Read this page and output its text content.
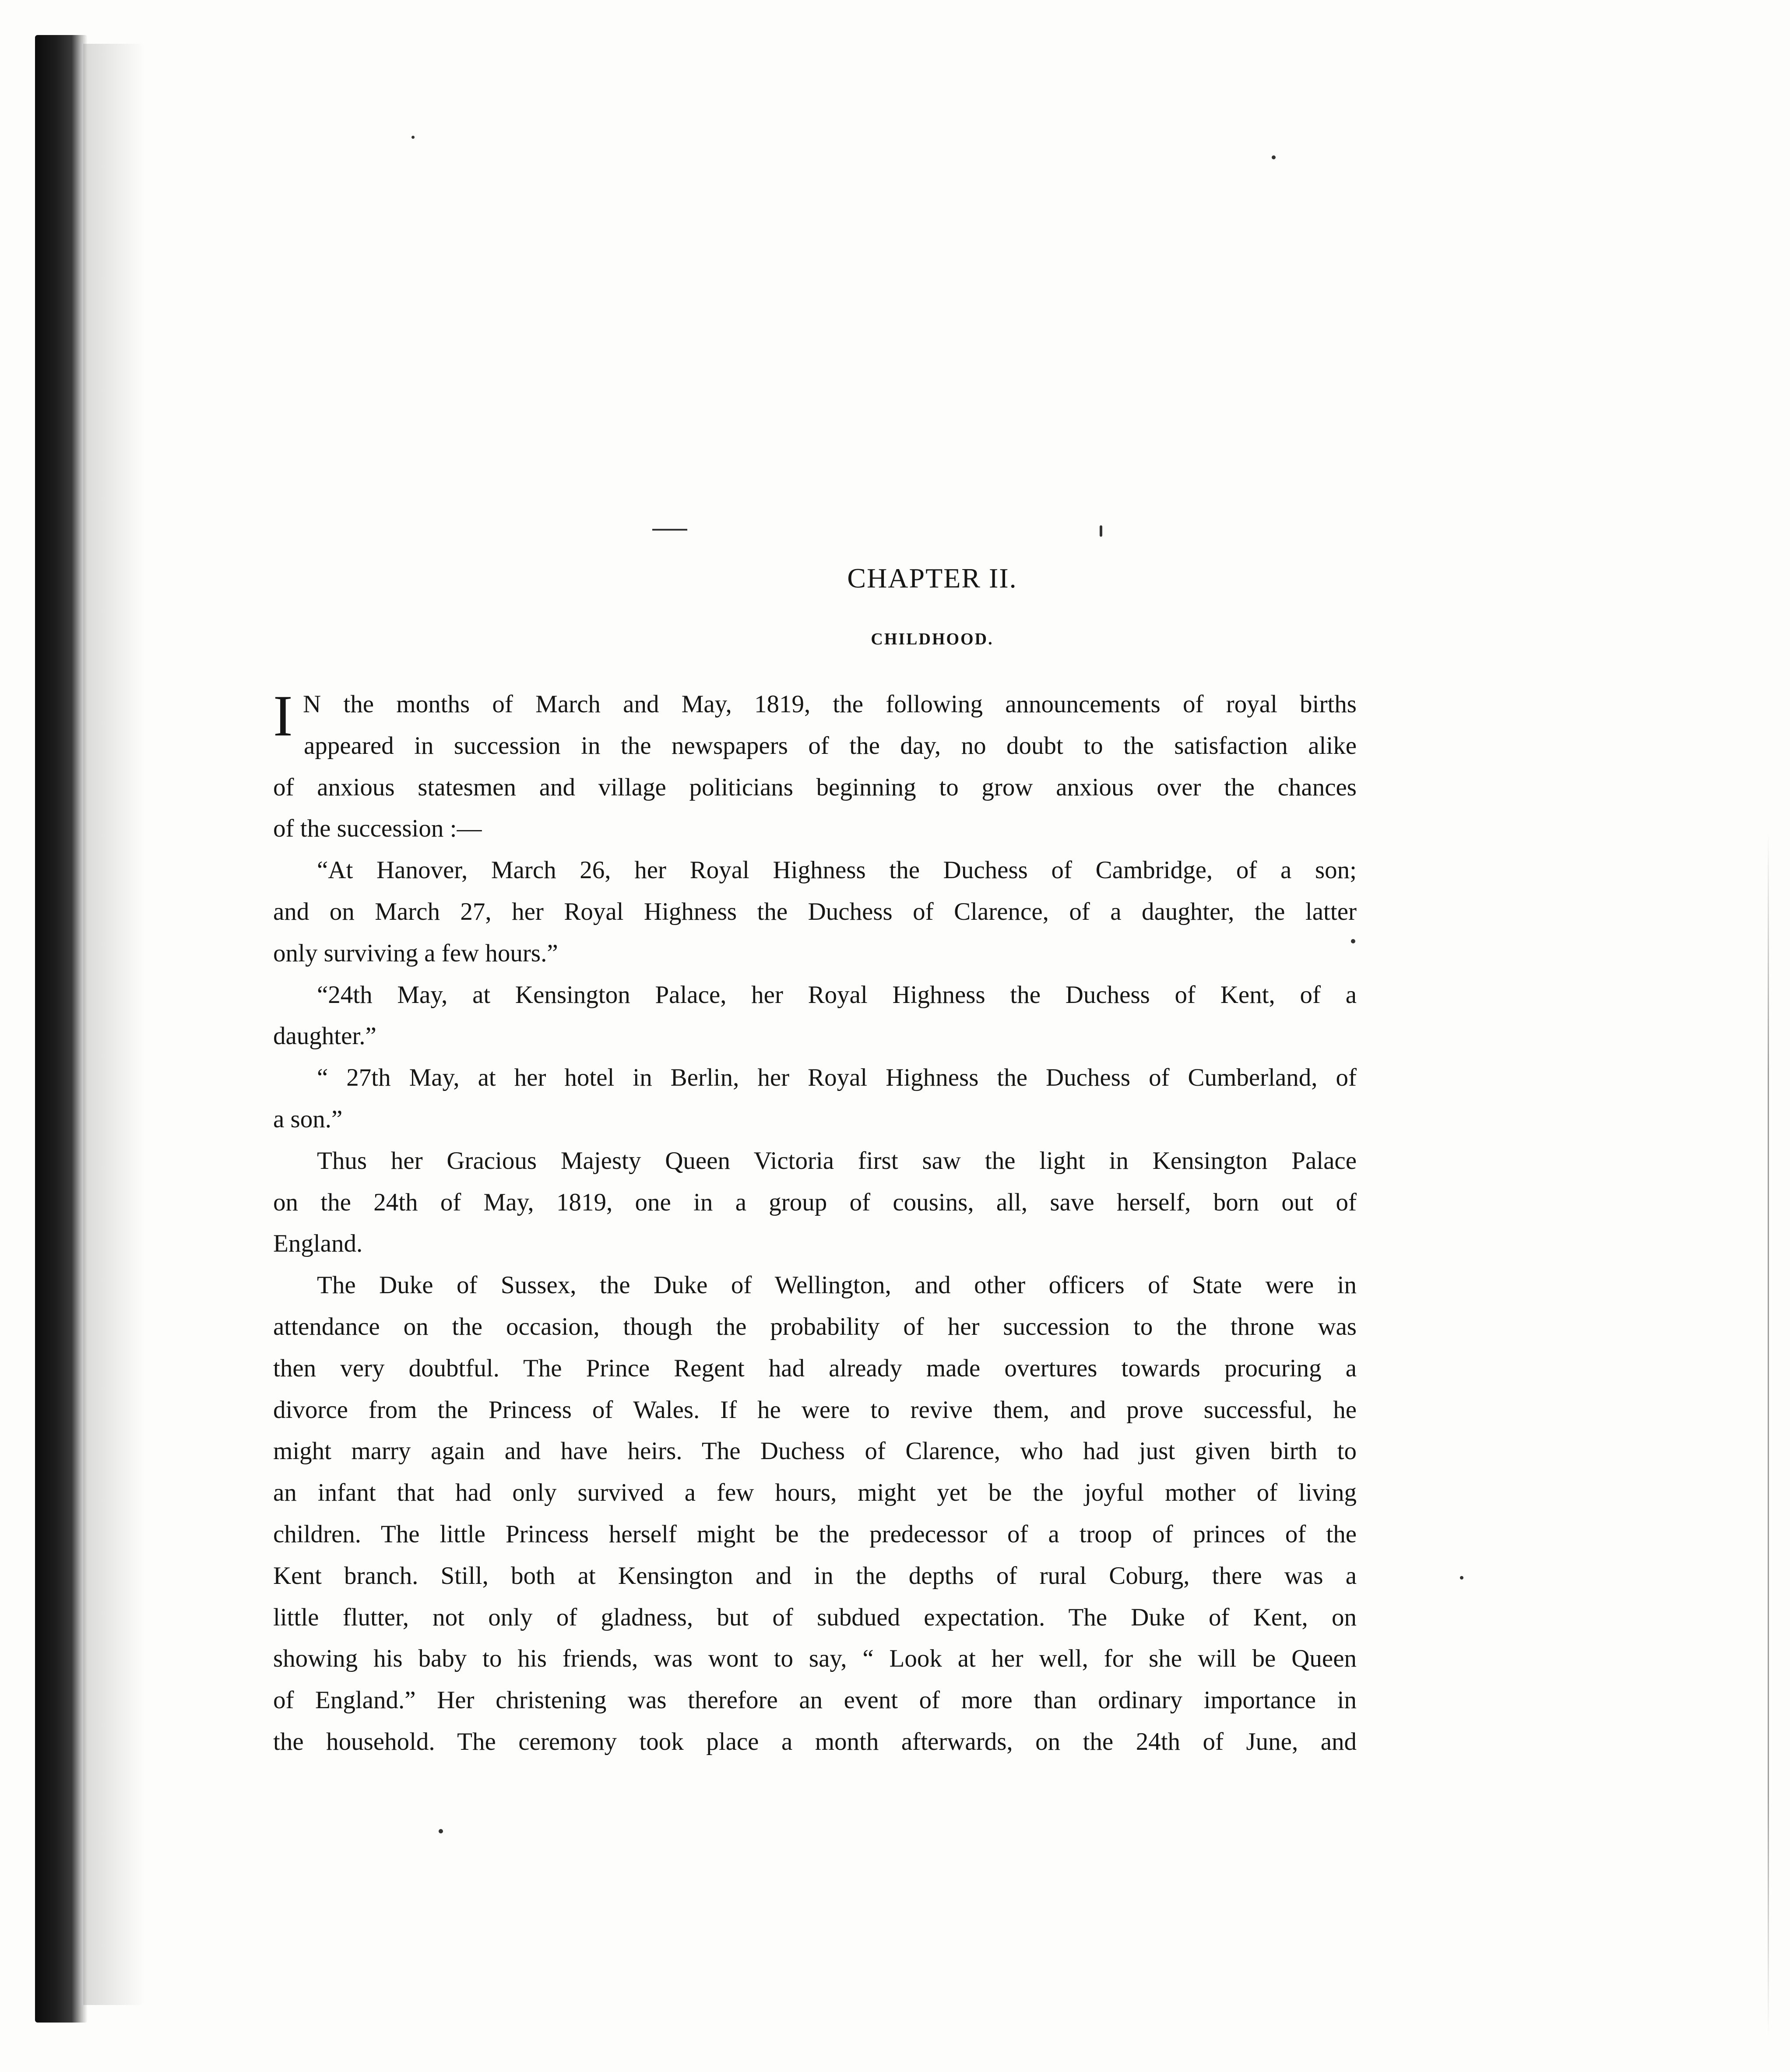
CHAPTER II.
CHILDHOOD.
I N the months of March and May, 1819, the following announcements of royal births
appeared in succession in the newspapers of the day, no doubt to the satisfaction alike
of anxious statesmen and village politicians beginning to grow anxious over the chances
of the succession :—
“At Hanover, March 26, her Royal Highness the Duchess of Cambridge, of a son;
and on March 27, her Royal Highness the Duchess of Clarence, of a daughter, the latter
only surviving a few hours.”
“24th May, at Kensington Palace, her Royal Highness the Duchess of Kent, of a
daughter.”
“ 27th May, at her hotel in Berlin, her Royal Highness the Duchess of Cumberland, of
a son.”
Thus her Gracious Majesty Queen Victoria first saw the light in Kensington Palace
on the 24th of May, 1819, one in a group of cousins, all, save herself, born out of
England.
The Duke of Sussex, the Duke of Wellington, and other officers of State were in
attendance on the occasion, though the probability of her succession to the throne was
then very doubtful. The Prince Regent had already made overtures towards procuring a
divorce from the Princess of Wales. If he were to revive them, and prove successful, he
might marry again and have heirs. The Duchess of Clarence, who had just given birth to
an infant that had only survived a few hours, might yet be the joyful mother of living
children. The little Princess herself might be the predecessor of a troop of princes of the
Kent branch. Still, both at Kensington and in the depths of rural Coburg, there was a
little flutter, not only of gladness, but of subdued expectation. The Duke of Kent, on
showing his baby to his friends, was wont to say, “ Look at her well, for she will be Queen
of England.” Her christening was therefore an event of more than ordinary importance in
the household. The ceremony took place a month afterwards, on the 24th of June, and
